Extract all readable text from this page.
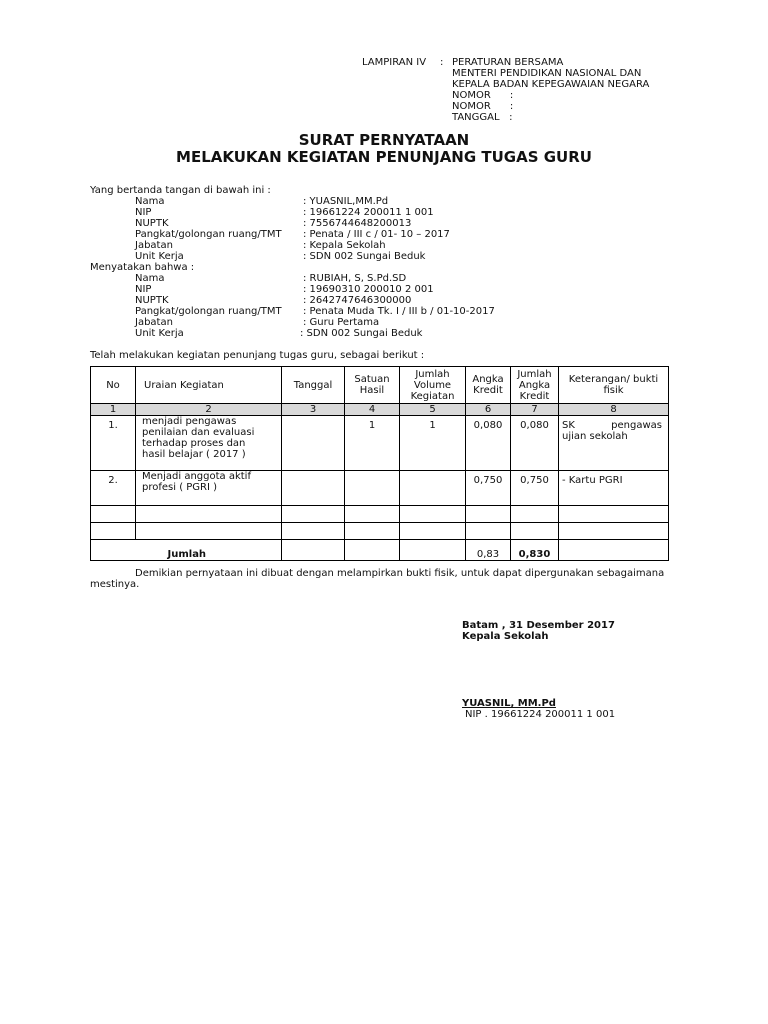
LAMPIRAN IV : PERATURAN BERSAMA
MENTERI PENDIDIKAN NASIONAL DAN
KEPALA BADAN KEPEGAWAIAN NEGARA
NOMOR      :
NOMOR      :
TANGGAL   :
SURAT PERNYATAAN
MELAKUKAN KEGIATAN PENUNJANG TUGAS GURU
Yang bertanda tangan di bawah ini :
Nama	: YUASNIL,MM.Pd
NIP	: 19661224 200011 1 001
NUPTK	: 7556744648200013
Pangkat/golongan ruang/TMT : Penata / III c / 01- 10 – 2017
Jabatan	: Kepala Sekolah
Unit Kerja	: SDN 002 Sungai Beduk
Menyatakan bahwa :
Nama	: RUBIAH, S, S.Pd.SD
NIP	: 19690310 200010 2 001
NUPTK	: 2642747646300000
Pangkat/golongan ruang/TMT : Penata Muda Tk. I / III b / 01-10-2017
Jabatan	: Guru Pertama
Unit Kerja	: SDN 002 Sungai Beduk
Telah melakukan kegiatan penunjang tugas guru, sebagai berikut :
No	Uraian Kegiatan	Tanggal	Satuan Hasil	Jumlah Volume Kegiatan	Angka Kredit	Jumlah Angka Kredit	Keterangan/ bukti fisik
1	2	3	4	5	6	7	8
1.	menjadi pengawas penilaian dan evaluasi terhadap proses dan hasil belajar ( 2017 )		1	1	0,080	0,080	SK pengawas
ujian sekolah

2.	Menjadi anggota aktif profesi ( PGRI )				0,750	0,750	- Kartu PGRI

	Jumlah				0,83	0,830	
Demikian pernyataan ini dibuat dengan melampirkan bukti fisik, untuk dapat dipergunakan sebagaimana
mestinya.
Batam , 31 Desember 2017
Kepala Sekolah
YUASNIL, MM.Pd
NIP . 19661224 200011 1 001
